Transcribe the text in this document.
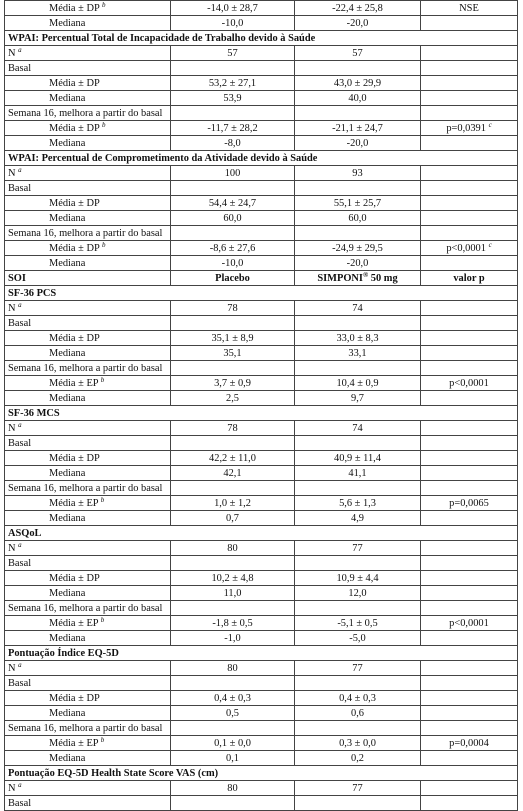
Média ± DP $^b$	-14,0 ± 28,7	-22,4 ± 25,8	NSE
Mediana	-10,0	-20,0	
WPAI: Percentual Total de Incapacidade de Trabalho devido à Saúde			
N $^a$	57	57	
Basal			
Média ± DP	53,2 ± 27,1	43,0 ± 29,9	
Mediana	53,9	40,0	
Semana 16, melhora a partir do basal			
Média ± DP $^b$	-11,7 ± 28,2	-21,1 ± 24,7	p=0,0391 $^c$
Mediana	-8,0	-20,0	
WPAI: Percentual de Comprometimento da Atividade devido à Saúde			
N $^a$	100	93	
Basal			
Média ± DP	54,4 ± 24,7	55,1 ± 25,7	
Mediana	60,0	60,0	
Semana 16, melhora a partir do basal			
Média ± DP $^b$	-8,6 ± 27,6	-24,9 ± 29,5	p<0,0001 $^c$
Mediana	-10,0	-20,0	
SOI	Placebo	SIMPONI® 50 mg	valor p
SF-36 PCS			
N $^a$	78	74	
Basal			
Média ± DP	35,1 ± 8,9	33,0 ± 8,3	
Mediana	35,1	33,1	
Semana 16, melhora a partir do basal			
Média ± EP $^b$	3,7 ± 0,9	10,4 ± 0,9	p<0,0001
Mediana	2,5	9,7	
SF-36 MCS			
N $^a$	78	74	
Basal			
Média ± DP	42,2 ± 11,0	40,9 ± 11,4	
Mediana	42,1	41,1	
Semana 16, melhora a partir do basal			
Média ± EP $^b$	1,0 ± 1,2	5,6 ± 1,3	p=0,0065
Mediana	0,7	4,9	
ASQoL			
N $^a$	80	77	
Basal			
Média ± DP	10,2 ± 4,8	10,9 ± 4,4	
Mediana	11,0	12,0	
Semana 16, melhora a partir do basal			
Média ± EP $^b$	-1,8 ± 0,5	-5,1 ± 0,5	p<0,0001
Mediana	-1,0	-5,0	
Pontuação Índice EQ-5D			
N $^a$	80	77	
Basal			
Média ± DP	0,4 ± 0,3	0,4 ± 0,3	
Mediana	0,5	0,6	
Semana 16, melhora a partir do basal			
Média ± EP $^b$	0,1 ± 0,0	0,3 ± 0,0	p=0,0004
Mediana	0,1	0,2	
Pontuação EQ-5D Health State Score VAS (cm)			
N $^a$	80	77	
Basal			
